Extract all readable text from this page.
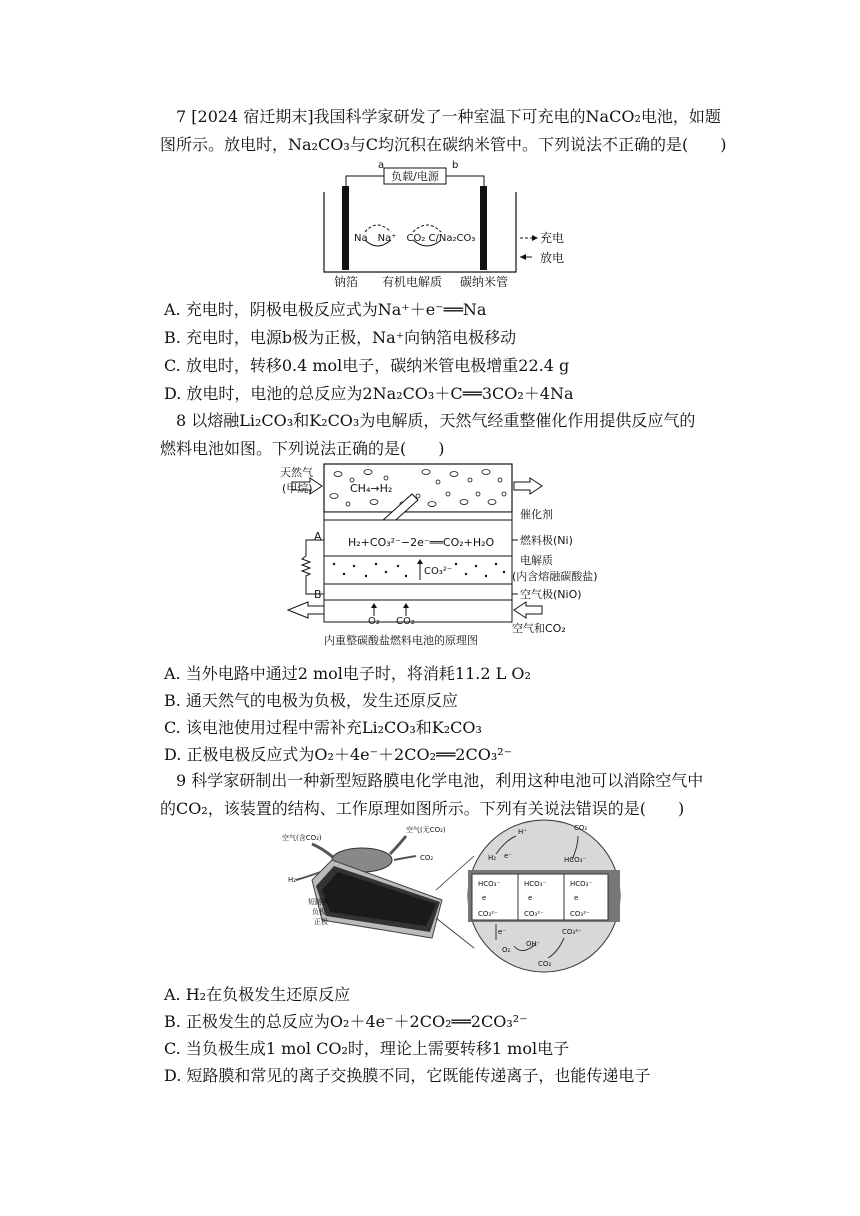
7 [2024 宿迁期末]我国科学家研发了一种室温下可充电的NaCO₂电池，如题
图所示。放电时，Na₂CO₃与C均沉积在碳纳米管中。下列说法不正确的是(　　)
a	b
负载/电源
Na　Na⁺　CO₂ C/Na₂CO₃	充电
放电
钠箔 有机电解质 碳纳米管
A. 充电时，阴极电极反应式为Na⁺＋e⁻══Na
B. 充电时，电源b极为正极，Na⁺向钠箔电极移动
C. 放电时，转移0.4 mol电子，碳纳米管电极增重22.4 g
D. 放电时，电池的总反应为2Na₂CO₃＋C══3CO₂＋4Na
8 以熔融Li₂CO₃和K₂CO₃为电解质，天然气经重整催化作用提供反应气的
燃料电池如图。下列说法正确的是(　　)
天然气
(甲烷)	CH₄→H₂
催化剂
H₂+CO₃²⁻−2e⁻══CO₂+H₂O 燃料极(Ni)
CO₃²⁻
电解质
(内含熔融碳酸盐)
空气极(NiO)
O₂ CO₂
空气和CO₂
A
B
内重整碳酸盐燃料电池的原理图
A. 当外电路中通过2 mol电子时，将消耗11.2 L O₂
B. 通天然气的电极为负极，发生还原反应
C. 该电池使用过程中需补充Li₂CO₃和K₂CO₃
D. 正极电极反应式为O₂＋4e⁻＋2CO₂══2CO₃²⁻
9 科学家研制出一种新型短路膜电化学电池，利用这种电池可以消除空气中
的CO₂，该装置的结构、工作原理如图所示。下列有关说法错误的是(　　)
空气(含CO₂)
空气(无CO₂)
CO₂
H₂
短路膜
负极
正极
H⁺	CO₂
H₂ e⁻	HCO₃⁻
HCO₃⁻	HCO₃⁻	HCO₃⁻
e	e	e
CO₃²⁻	CO₃²⁻	CO₃²⁻
e⁻
O₂
OH⁻
CO₃²⁻
CO₂
A. H₂在负极发生还原反应
B. 正极发生的总反应为O₂＋4e⁻＋2CO₂══2CO₃²⁻
C. 当负极生成1 mol CO₂时，理论上需要转移1 mol电子
D. 短路膜和常见的离子交换膜不同，它既能传递离子，也能传递电子
